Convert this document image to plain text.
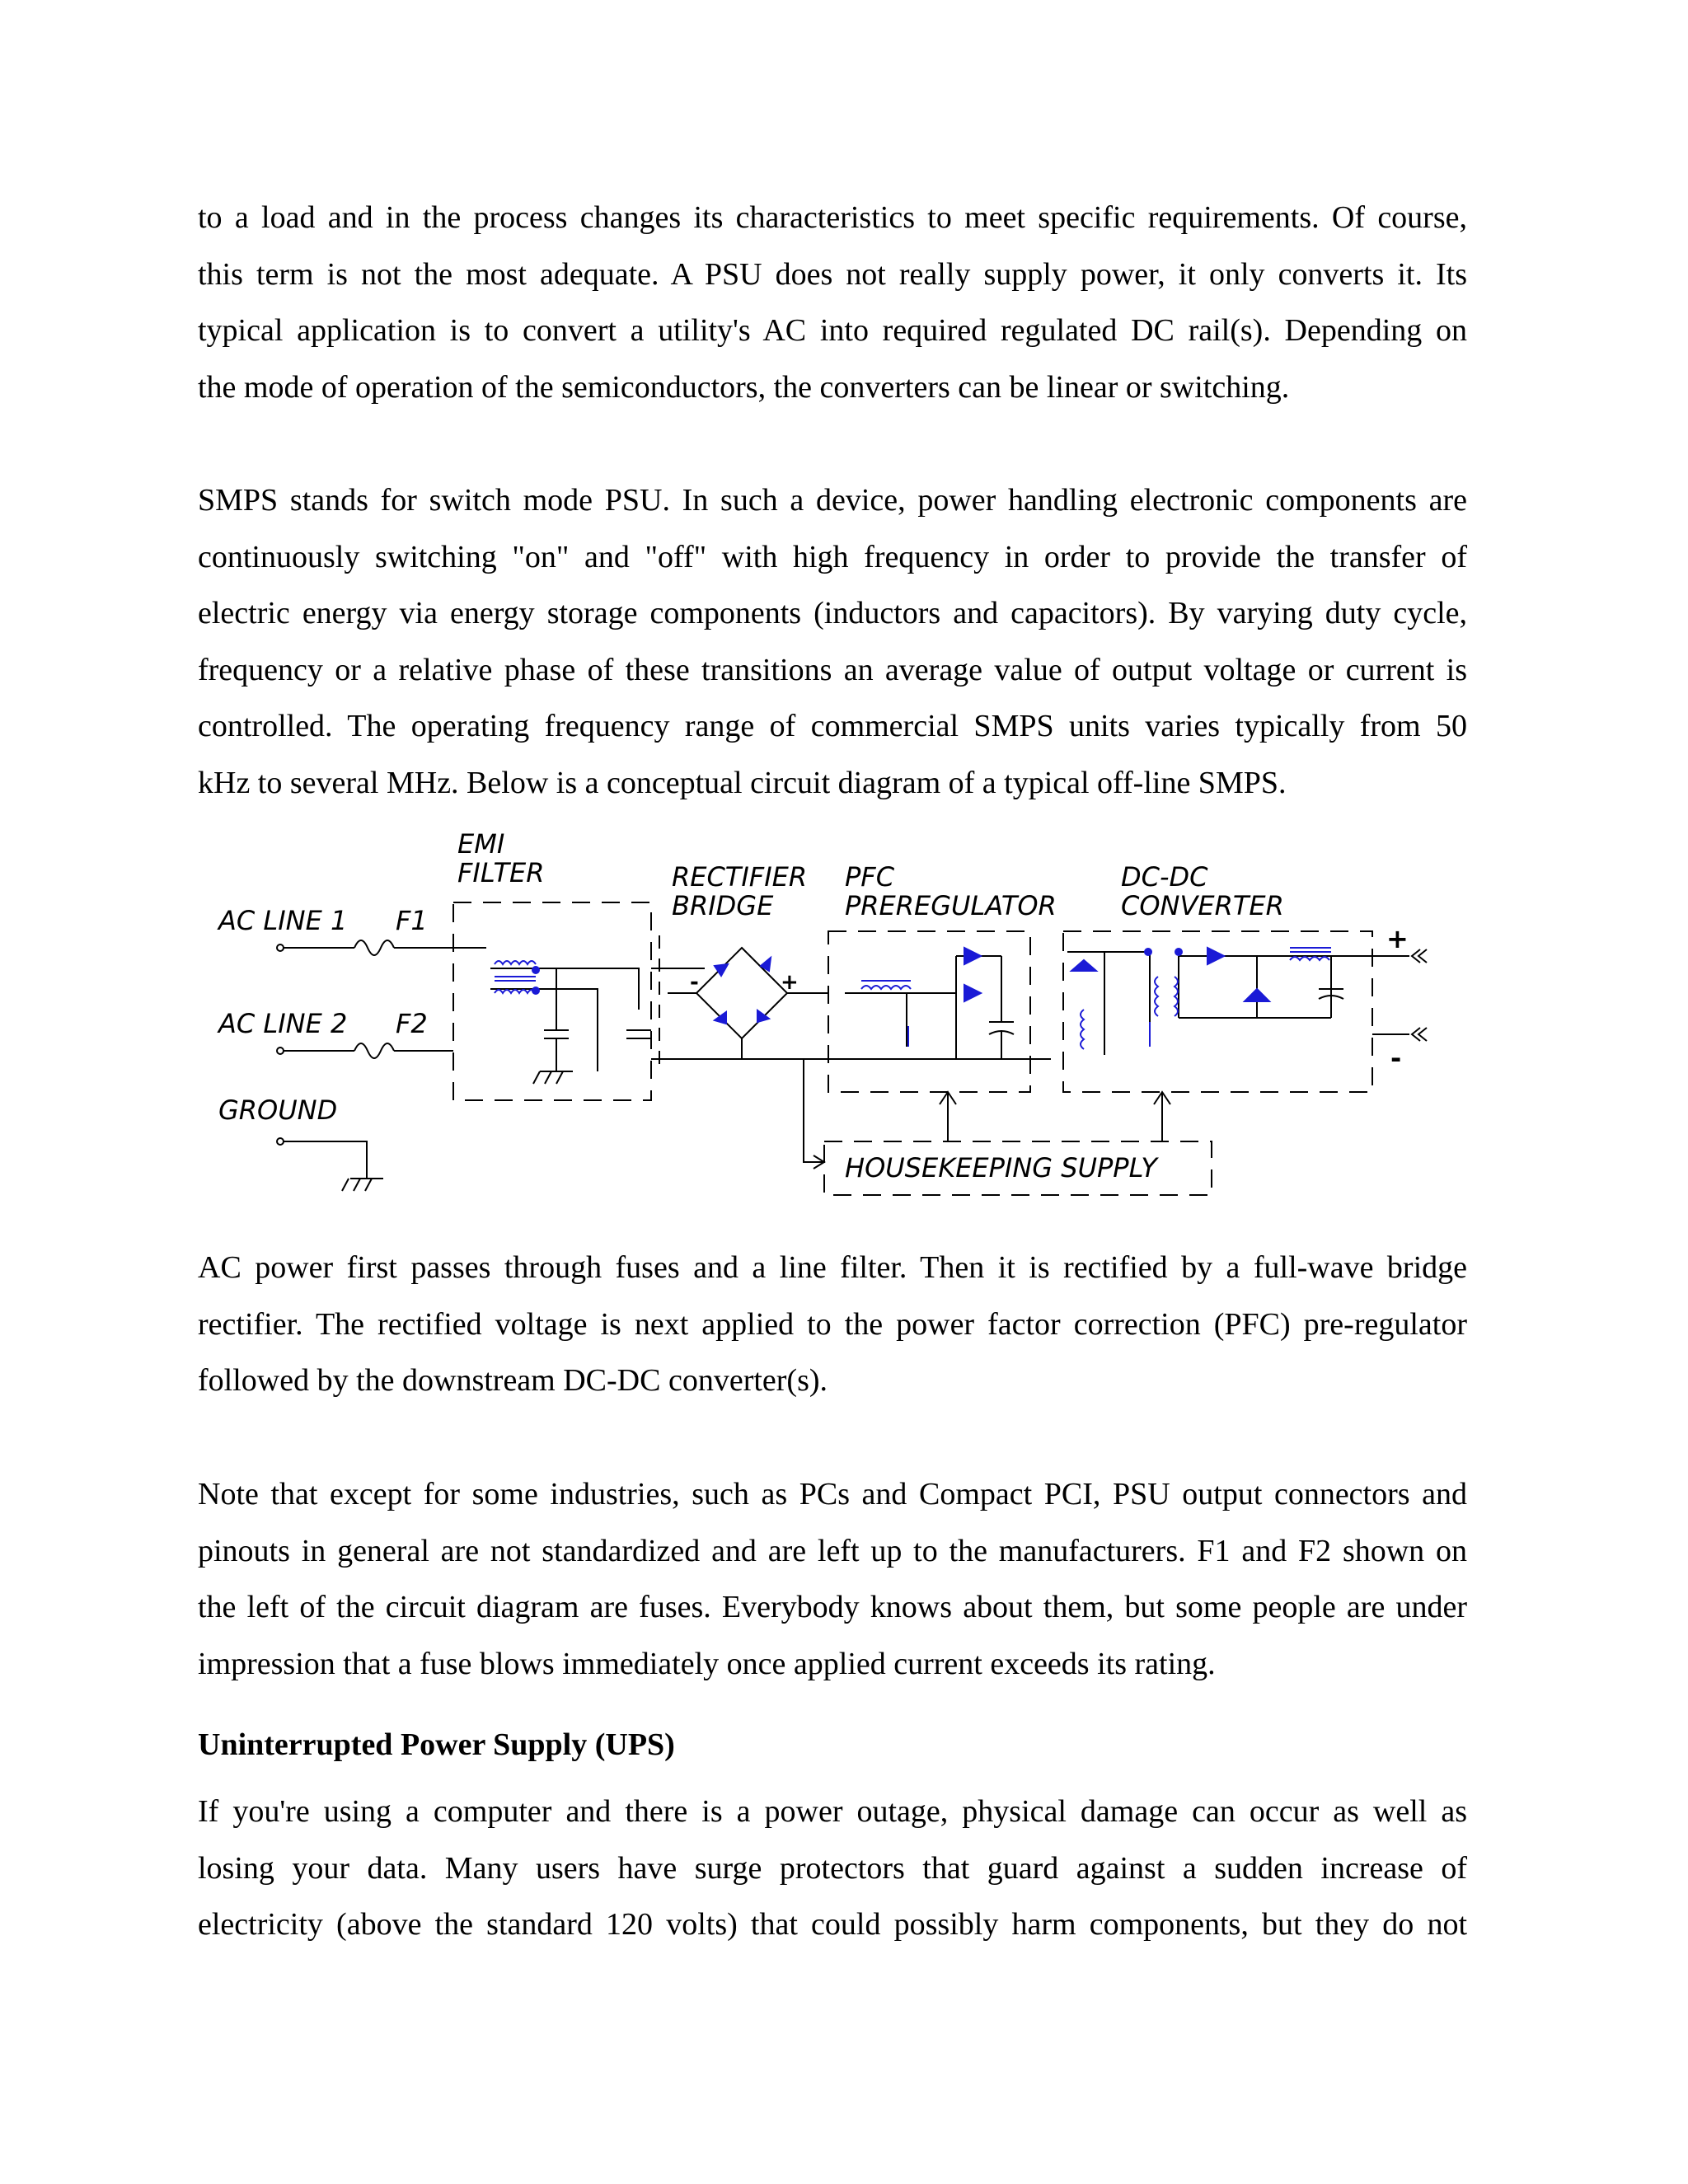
to a load and in the process changes its characteristics to meet specific requirements. Of course,
this term is not the most adequate. A PSU does not really supply power, it only converts it. Its
typical application is to convert a utility's AC into required regulated DC rail(s). Depending on
the mode of operation of the semiconductors, the converters can be linear or switching.
SMPS stands for switch mode PSU. In such a device, power handling electronic components are
continuously switching "on" and "off" with high frequency in order to provide the transfer of
electric energy via energy storage components (inductors and capacitors). By varying duty cycle,
frequency or a relative phase of these transitions an average value of output voltage or current is
controlled. The operating frequency range of commercial SMPS units varies typically from 50
kHz to several MHz. Below is a conceptual circuit diagram of a typical off-line SMPS.
EMI
FILTER	RECTIFIER
BRIDGE
PFC
PREREGULATOR
DC-DC
CONVERTER
AC LINE 1 F1
AC LINE 2 F2
GROUND
HOUSEKEEPING SUPPLY
+
-
-	+
AC power first passes through fuses and a line filter. Then it is rectified by a full-wave bridge
rectifier. The rectified voltage is next applied to the power factor correction (PFC) pre-regulator
followed by the downstream DC-DC converter(s).
Note that except for some industries, such as PCs and Compact PCI, PSU output connectors and
pinouts in general are not standardized and are left up to the manufacturers. F1 and F2 shown on
the left of the circuit diagram are fuses. Everybody knows about them, but some people are under
impression that a fuse blows immediately once applied current exceeds its rating.
Uninterrupted Power Supply (UPS)
If you're using a computer and there is a power outage, physical damage can occur as well as
losing your data. Many users have surge protectors that guard against a sudden increase of
electricity (above the standard 120 volts) that could possibly harm components, but they do not
